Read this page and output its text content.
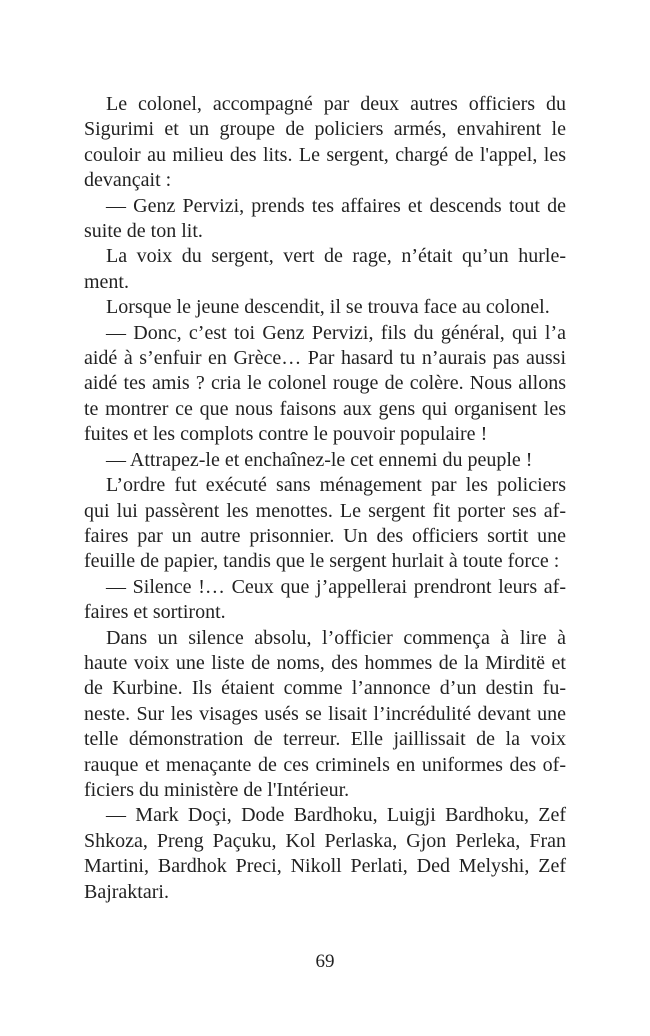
Le colonel, accompagné par deux autres officiers du
Sigurimi et un groupe de policiers armés, envahirent le
couloir au milieu des lits. Le sergent, chargé de l'appel, les
devançait :
— Genz Pervizi, prends tes affaires et descends tout de
suite de ton lit.
La voix du sergent, vert de rage, n’était qu’un hurle-
ment.
Lorsque le jeune descendit, il se trouva face au colonel.
— Donc, c’est toi Genz Pervizi, fils du général, qui l’a
aidé à s’enfuir en Grèce… Par hasard tu n’aurais pas aussi
aidé tes amis ? cria le colonel rouge de colère. Nous allons
te montrer ce que nous faisons aux gens qui organisent les
fuites et les complots contre le pouvoir populaire !
— Attrapez-le et enchaînez-le cet ennemi du peuple !
L’ordre fut exécuté sans ménagement par les policiers
qui lui passèrent les menottes. Le sergent fit porter ses af-
faires par un autre prisonnier. Un des officiers sortit une
feuille de papier, tandis que le sergent hurlait à toute force :
— Silence !… Ceux que j’appellerai prendront leurs af-
faires et sortiront.
Dans un silence absolu, l’officier commença à lire à
haute voix une liste de noms, des hommes de la Mirditë et
de Kurbine. Ils étaient comme l’annonce d’un destin fu-
neste. Sur les visages usés se lisait l’incrédulité devant une
telle démonstration de terreur. Elle jaillissait de la voix
rauque et menaçante de ces criminels en uniformes des of-
ficiers du ministère de l'Intérieur.
— Mark Doçi, Dode Bardhoku, Luigji Bardhoku, Zef
Shkoza, Preng Paçuku, Kol Perlaska, Gjon Perleka, Fran
Martini, Bardhok Preci, Nikoll Perlati, Ded Melyshi, Zef
Bajraktari.
69
